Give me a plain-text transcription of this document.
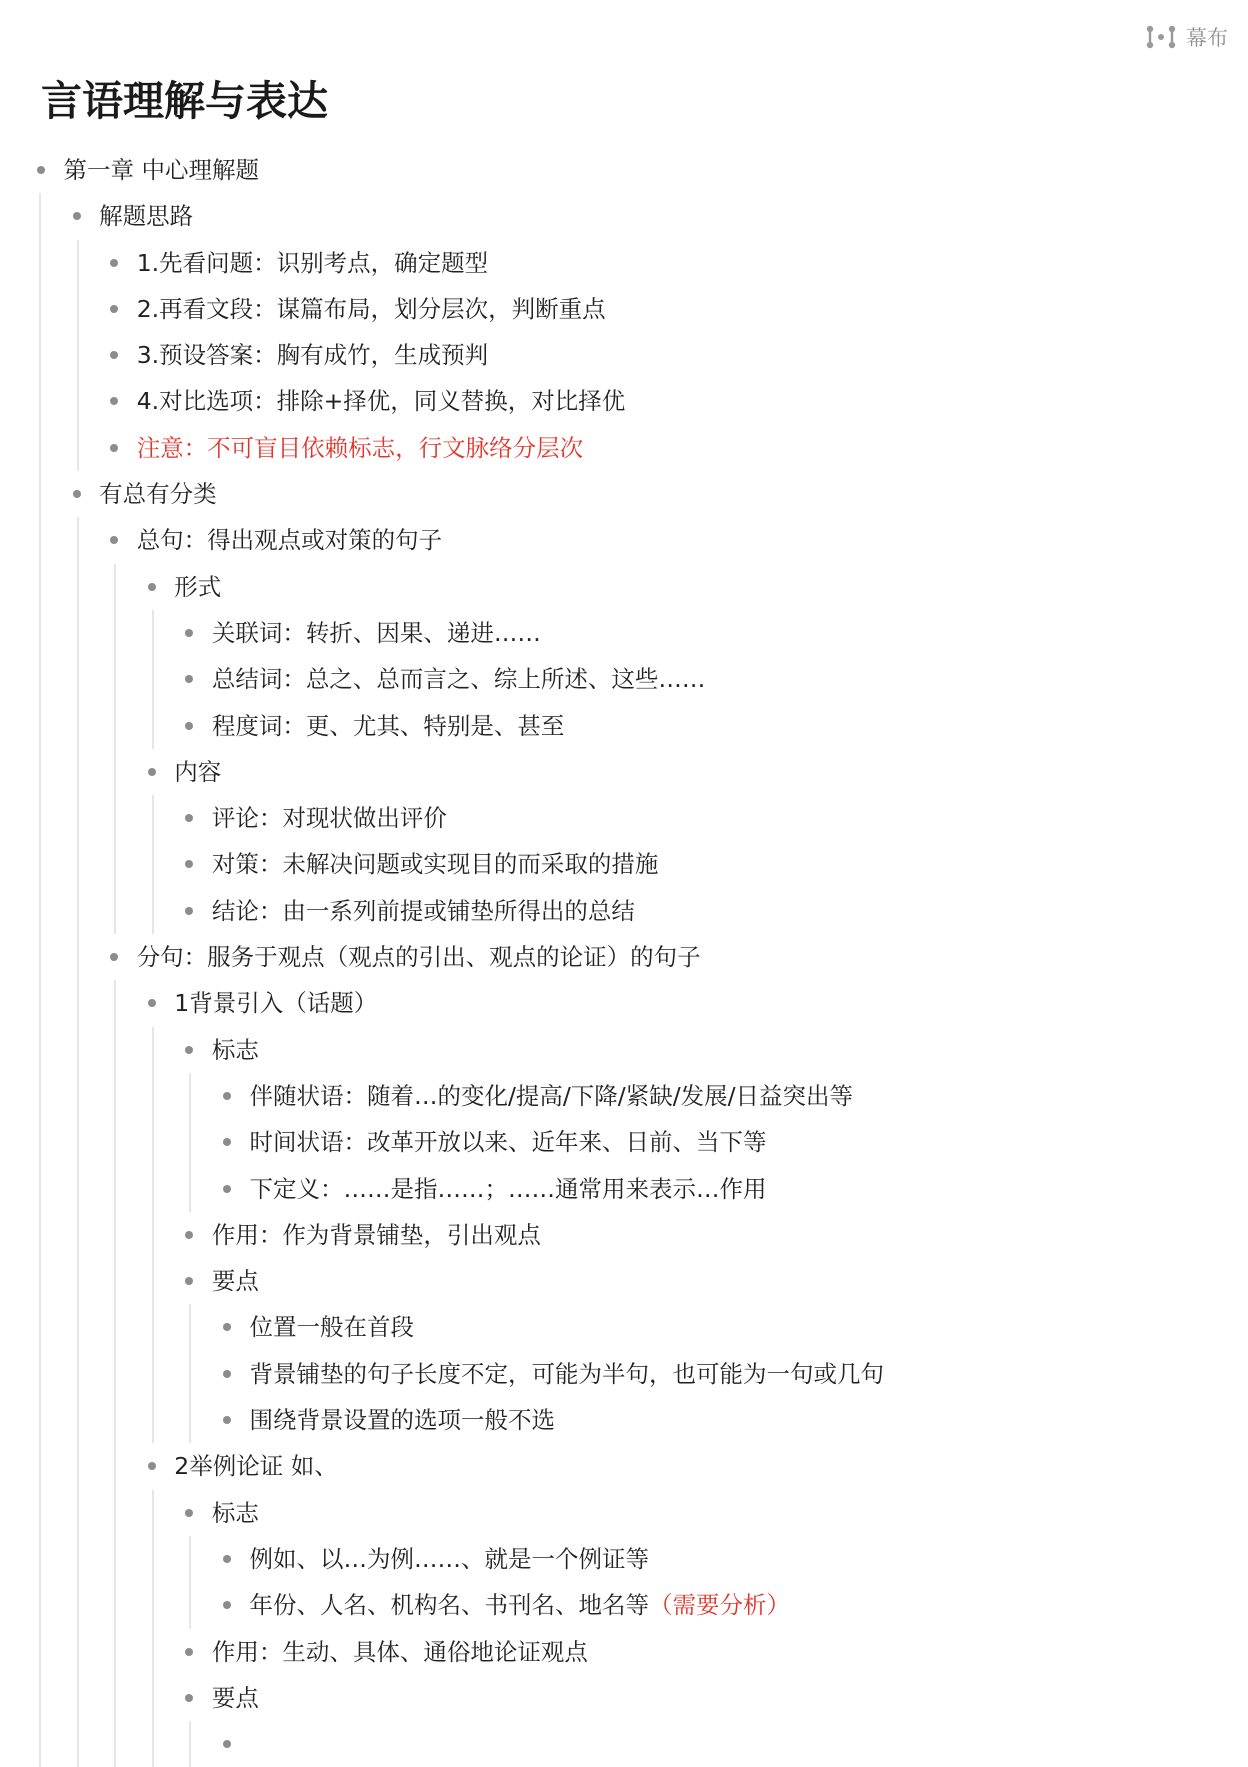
幕布
言语理解与表达
第一章 中心理解题
解题思路
1.先看问题：识别考点，确定题型
2.再看文段：谋篇布局，划分层次，判断重点
3.预设答案：胸有成竹，生成预判
4.对比选项：排除+择优，同义替换，对比择优
注意：不可盲目依赖标志，行文脉络分层次
有总有分类
总句：得出观点或对策的句子
形式
关联词：转折、因果、递进……
总结词：总之、总而言之、综上所述、这些……
程度词：更、尤其、特别是、甚至
内容
评论：对现状做出评价
对策：未解决问题或实现目的而采取的措施
结论：由一系列前提或铺垫所得出的总结
分句：服务于观点（观点的引出、观点的论证）的句子
1背景引入（话题）
标志
伴随状语：随着…的变化/提高/下降/紧缺/发展/日益突出等
时间状语：改革开放以来、近年来、日前、当下等
下定义：……是指……；……通常用来表示…作用
作用：作为背景铺垫，引出观点
要点
位置一般在首段
背景铺垫的句子长度不定，可能为半句，也可能为一句或几句
围绕背景设置的选项一般不选
2举例论证 如、
标志
例如、以…为例……、就是一个例证等
年份、人名、机构名、书刊名、地名等（需要分析）
作用：生动、具体、通俗地论证观点
要点
